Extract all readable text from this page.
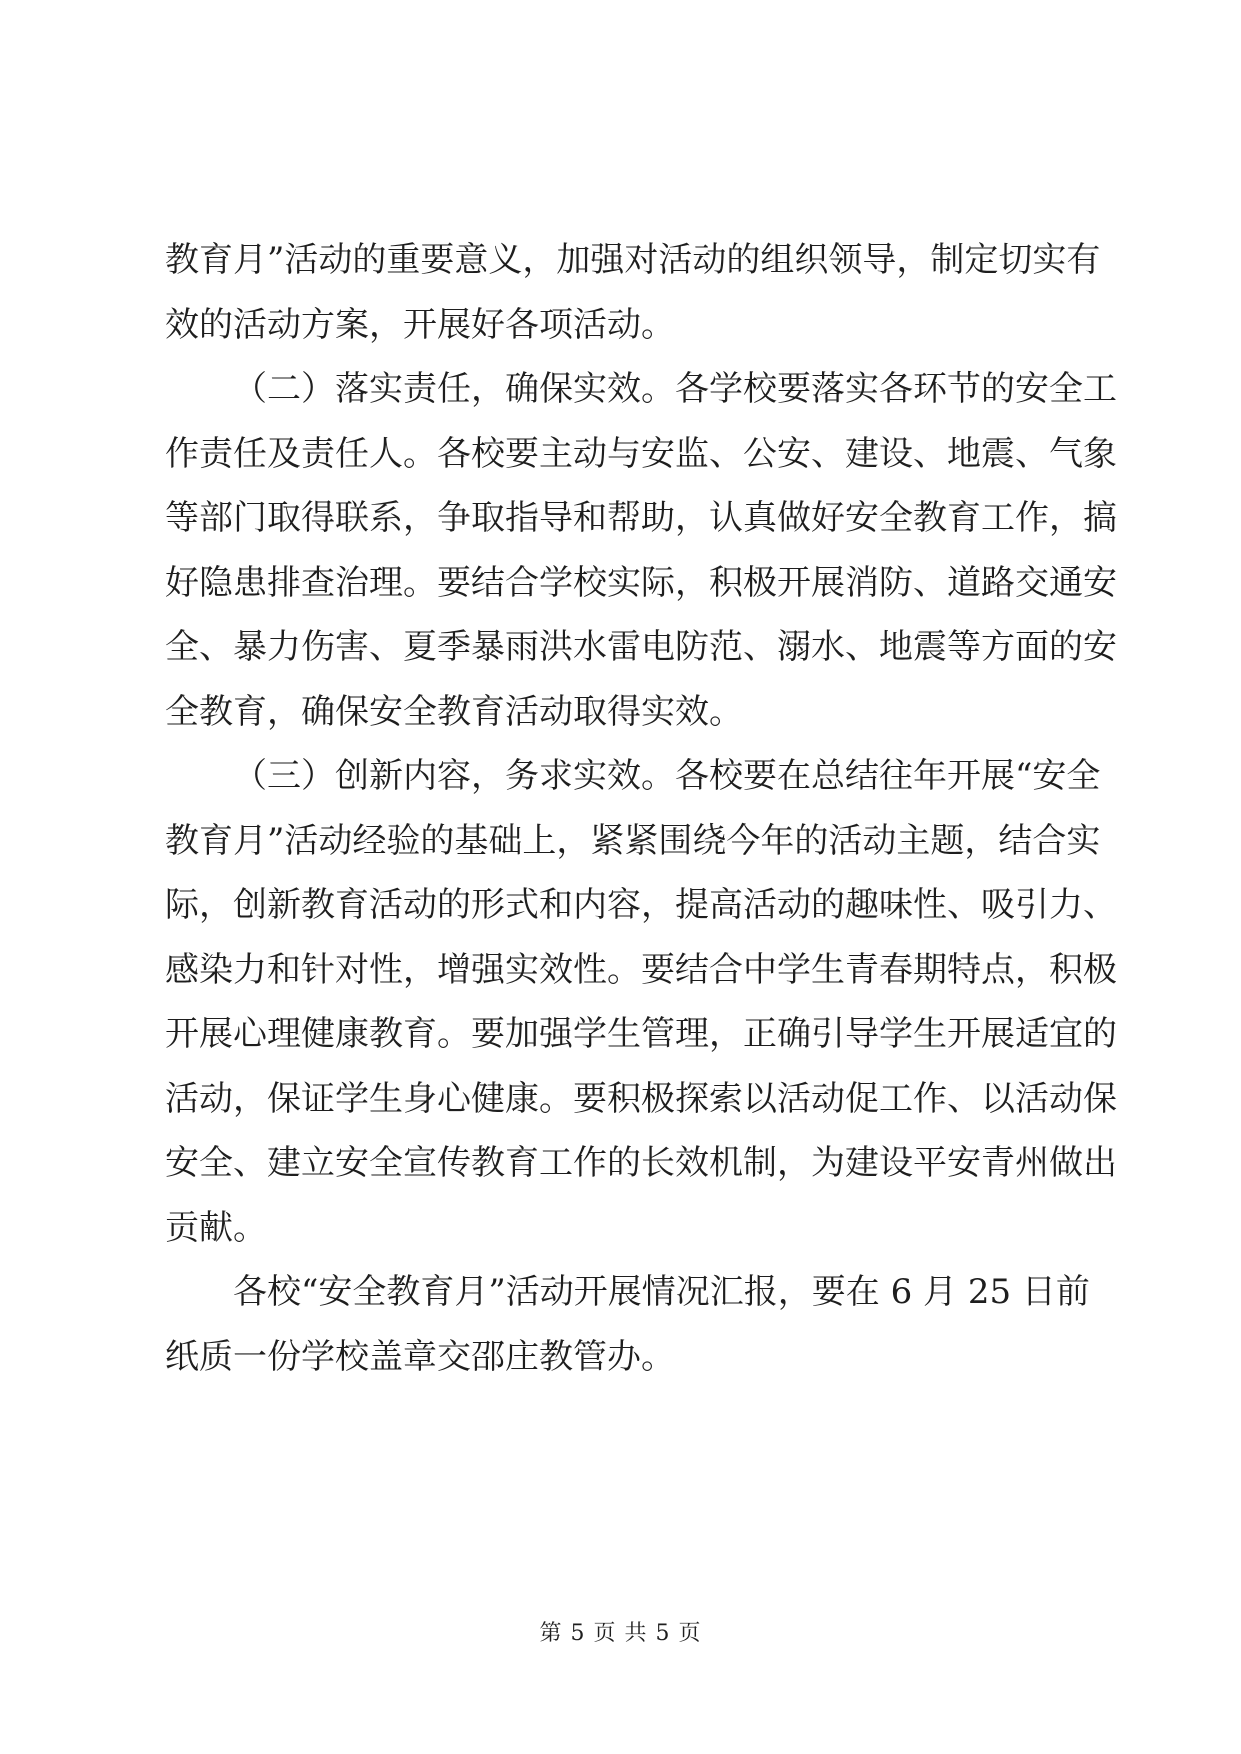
教育月”活动的重要意义，加强对活动的组织领导，制定切实有
效的活动方案，开展好各项活动。
（二）落实责任，确保实效。各学校要落实各环节的安全工
作责任及责任人。各校要主动与安监、公安、建设、地震、气象
等部门取得联系，争取指导和帮助，认真做好安全教育工作，搞
好隐患排查治理。要结合学校实际，积极开展消防、道路交通安
全、暴力伤害、夏季暴雨洪水雷电防范、溺水、地震等方面的安
全教育，确保安全教育活动取得实效。
（三）创新内容，务求实效。各校要在总结往年开展“安全
教育月”活动经验的基础上，紧紧围绕今年的活动主题，结合实
际，创新教育活动的形式和内容，提高活动的趣味性、吸引力、
感染力和针对性，增强实效性。要结合中学生青春期特点，积极
开展心理健康教育。要加强学生管理，正确引导学生开展适宜的
活动，保证学生身心健康。要积极探索以活动促工作、以活动保
安全、建立安全宣传教育工作的长效机制，为建设平安青州做出
贡献。
各校“安全教育月”活动开展情况汇报，要在 6 月 25 日前
纸质一份学校盖章交邵庄教管办。
第 5 页 共 5 页
